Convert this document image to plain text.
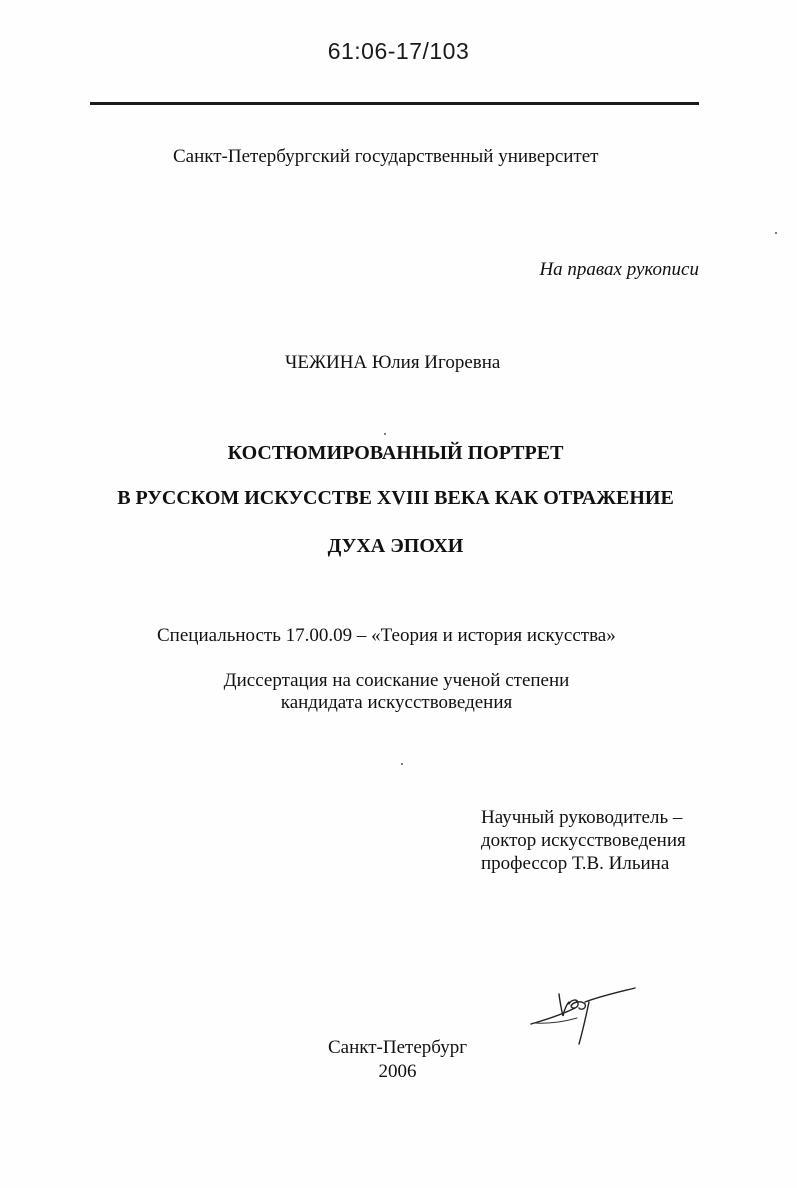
61:06-17/103
Санкт-Петербургский государственный университет
На правах рукописи
ЧЕЖИНА Юлия Игоревна
КОСТЮМИРОВАННЫЙ ПОРТРЕТ
В РУССКОМ ИСКУССТВЕ XVIII ВЕКА КАК ОТРАЖЕНИЕ
ДУХА ЭПОХИ
Специальность 17.00.09 – «Теория и история искусства»
Диссертация на соискание ученой степени
кандидата искусствоведения
Научный руководитель –
доктор искусствоведения
профессор Т.В. Ильина
Санкт-Петербург
2006
